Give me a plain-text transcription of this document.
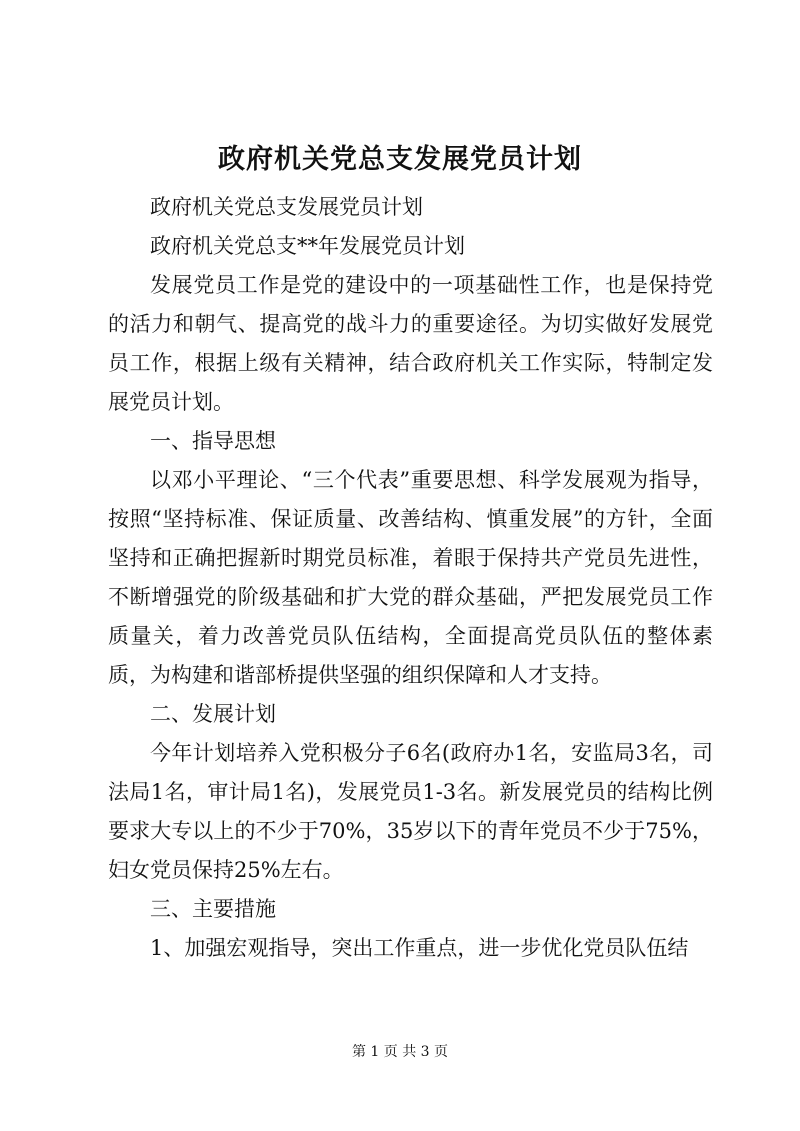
政府机关党总支发展党员计划

政府机关党总支发展党员计划

政府机关党总支**年发展党员计划

发展党员工作是党的建设中的一项基础性工作，也是保持党的活力和朝气、提高党的战斗力的重要途径。为切实做好发展党员工作，根据上级有关精神，结合政府机关工作实际，特制定发展党员计划。

一、指导思想

以邓小平理论、“三个代表”重要思想、科学发展观为指导，按照“坚持标准、保证质量、改善结构、慎重发展”的方针，全面坚持和正确把握新时期党员标准，着眼于保持共产党员先进性，不断增强党的阶级基础和扩大党的群众基础，严把发展党员工作质量关，着力改善党员队伍结构，全面提高党员队伍的整体素质，为构建和谐部桥提供坚强的组织保障和人才支持。

二、发展计划

今年计划培养入党积极分子6名(政府办1名，安监局3名，司法局1名，审计局1名)，发展党员1-3名。新发展党员的结构比例要求大专以上的不少于70%，35岁以下的青年党员不少于75%，妇女党员保持25%左右。

三、主要措施

1、加强宏观指导，突出工作重点，进一步优化党员队伍结

第 1 页 共 3 页
